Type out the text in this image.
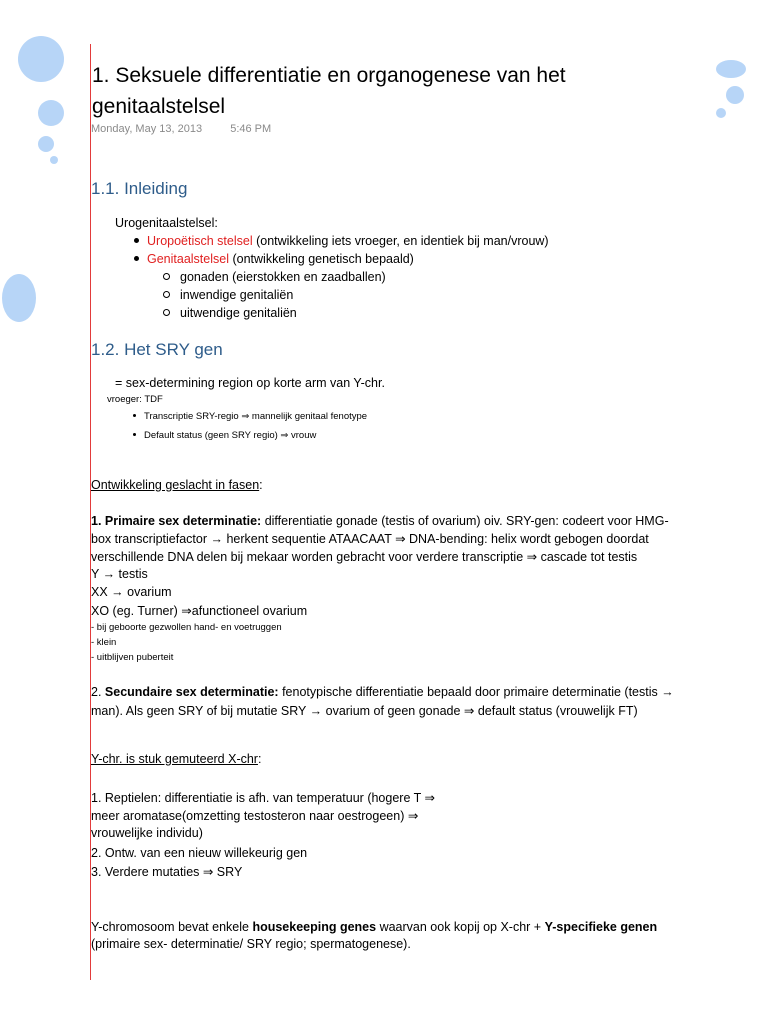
1. Seksuele differentiatie en organogenese van het
genitaalstelsel
Monday, May 13, 2013	5:46 PM
1.1. Inleiding
Urogenitaalstelsel:
Uropoëtisch stelsel (ontwikkeling iets vroeger, en identiek bij man/vrouw)
Genitaalstelsel (ontwikkeling genetisch bepaald)
gonaden (eierstokken en zaadballen)
inwendige genitaliën
uitwendige genitaliën
1.2. Het SRY gen
= sex-determining region op korte arm van Y-chr.
vroeger: TDF
Transcriptie SRY-regio ⇒ mannelijk genitaal fenotype
Default status (geen SRY regio) ⇒ vrouw
Ontwikkeling geslacht in fasen:
1. Primaire sex determinatie: differentiatie gonade (testis of ovarium) oiv. SRY-gen: codeert voor HMG-
box transcriptiefactor → herkent sequentie ATAACAAT ⇒ DNA-bending: helix wordt gebogen doordat
verschillende DNA delen bij mekaar worden gebracht voor verdere transcriptie ⇒ cascade tot testis
Y → testis
XX → ovarium
XO (eg. Turner) ⇒afunctioneel ovarium
- bij geboorte gezwollen hand- en voetruggen
- klein
- uitblijven puberteit
2. Secundaire sex determinatie: fenotypische differentiatie bepaald door primaire determinatie (testis →
man). Als geen SRY of bij mutatie SRY → ovarium of geen gonade ⇒ default status (vrouwelijk FT)
Y-chr. is stuk gemuteerd X-chr:
1. Reptielen: differentiatie is afh. van temperatuur (hogere T ⇒
meer aromatase(omzetting testosteron naar oestrogeen) ⇒
vrouwelijke individu)
2. Ontw. van een nieuw willekeurig gen
3. Verdere mutaties ⇒ SRY
Y-chromosoom bevat enkele housekeeping genes waarvan ook kopij op X-chr + Y-specifieke genen
(primaire sex- determinatie/ SRY regio; spermatogenese).
